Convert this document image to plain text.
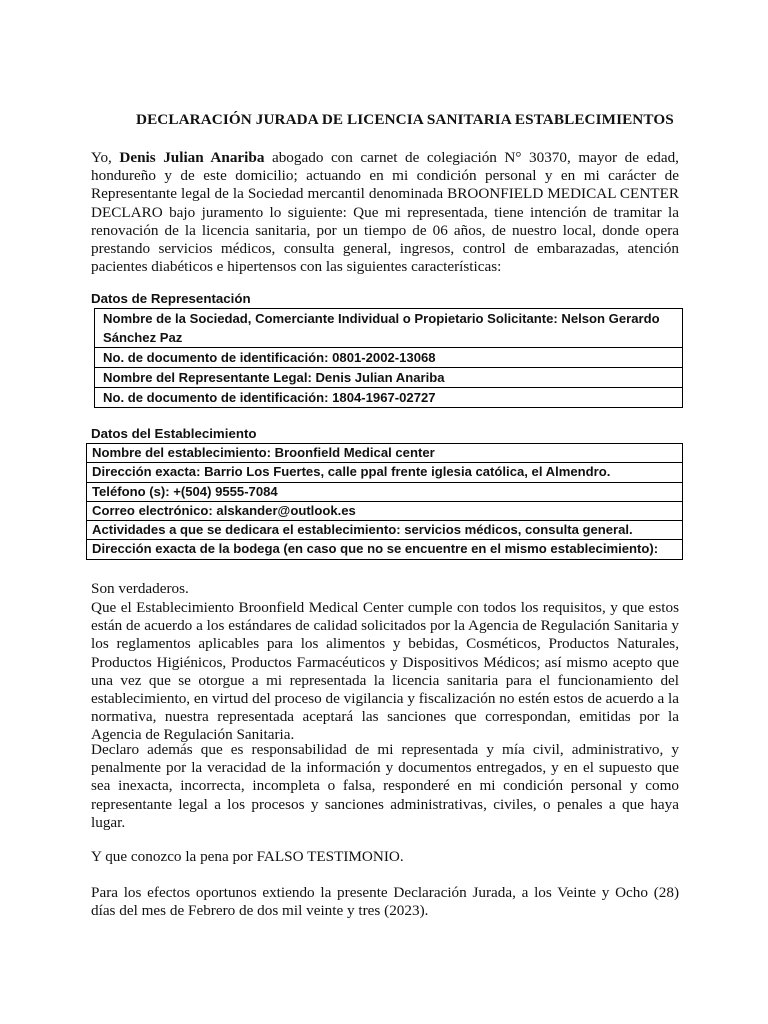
DECLARACIÓN JURADA DE LICENCIA SANITARIA ESTABLECIMIENTOS
Yo, Denis Julian Anariba abogado con carnet de colegiación N° 30370, mayor de edad, hondureño y de este domicilio; actuando en mi condición personal y en mi carácter de Representante legal de la Sociedad mercantil denominada BROONFIELD MEDICAL CENTER DECLARO bajo juramento lo siguiente: Que mi representada, tiene intención de tramitar la renovación de la licencia sanitaria, por un tiempo de 06 años, de nuestro local, donde opera prestando servicios médicos, consulta general, ingresos, control de embarazadas, atención pacientes diabéticos e hipertensos con las siguientes características:
Datos de Representación
Nombre de la Sociedad, Comerciante Individual o Propietario Solicitante: Nelson Gerardo Sánchez Paz
No. de documento de identificación: 0801-2002-13068
Nombre del Representante Legal: Denis Julian Anariba
No. de documento de identificación: 1804-1967-02727
Datos del Establecimiento
Nombre del establecimiento: Broonfield Medical center
Dirección exacta: Barrio Los Fuertes, calle ppal frente iglesia católica, el Almendro.
Teléfono (s): +(504) 9555-7084
Correo electrónico: alskander@outlook.es
Actividades a que se dedicara el establecimiento: servicios médicos, consulta general.
Dirección exacta de la bodega (en caso que no se encuentre en el mismo establecimiento):
Son verdaderos.
Que el Establecimiento Broonfield Medical Center cumple con todos los requisitos, y que estos están de acuerdo a los estándares de calidad solicitados por la Agencia de Regulación Sanitaria y los reglamentos aplicables para los alimentos y bebidas, Cosméticos, Productos Naturales, Productos Higiénicos, Productos Farmacéuticos y Dispositivos Médicos; así mismo acepto que una vez que se otorgue a mi representada la licencia sanitaria para el funcionamiento del establecimiento, en virtud del proceso de vigilancia y fiscalización no estén estos de acuerdo a la normativa, nuestra representada aceptará las sanciones que correspondan, emitidas por la Agencia de Regulación Sanitaria.
Declaro además que es responsabilidad de mi representada y mía civil, administrativo, y penalmente por la veracidad de la información y documentos entregados, y en el supuesto que sea inexacta, incorrecta, incompleta o falsa, responderé en mi condición personal y como representante legal a los procesos y sanciones administrativas, civiles, o penales a que haya lugar.
Y que conozco la pena por FALSO TESTIMONIO.
Para los efectos oportunos extiendo la presente Declaración Jurada, a los Veinte y Ocho (28) días del mes de Febrero de dos mil veinte y tres (2023).
